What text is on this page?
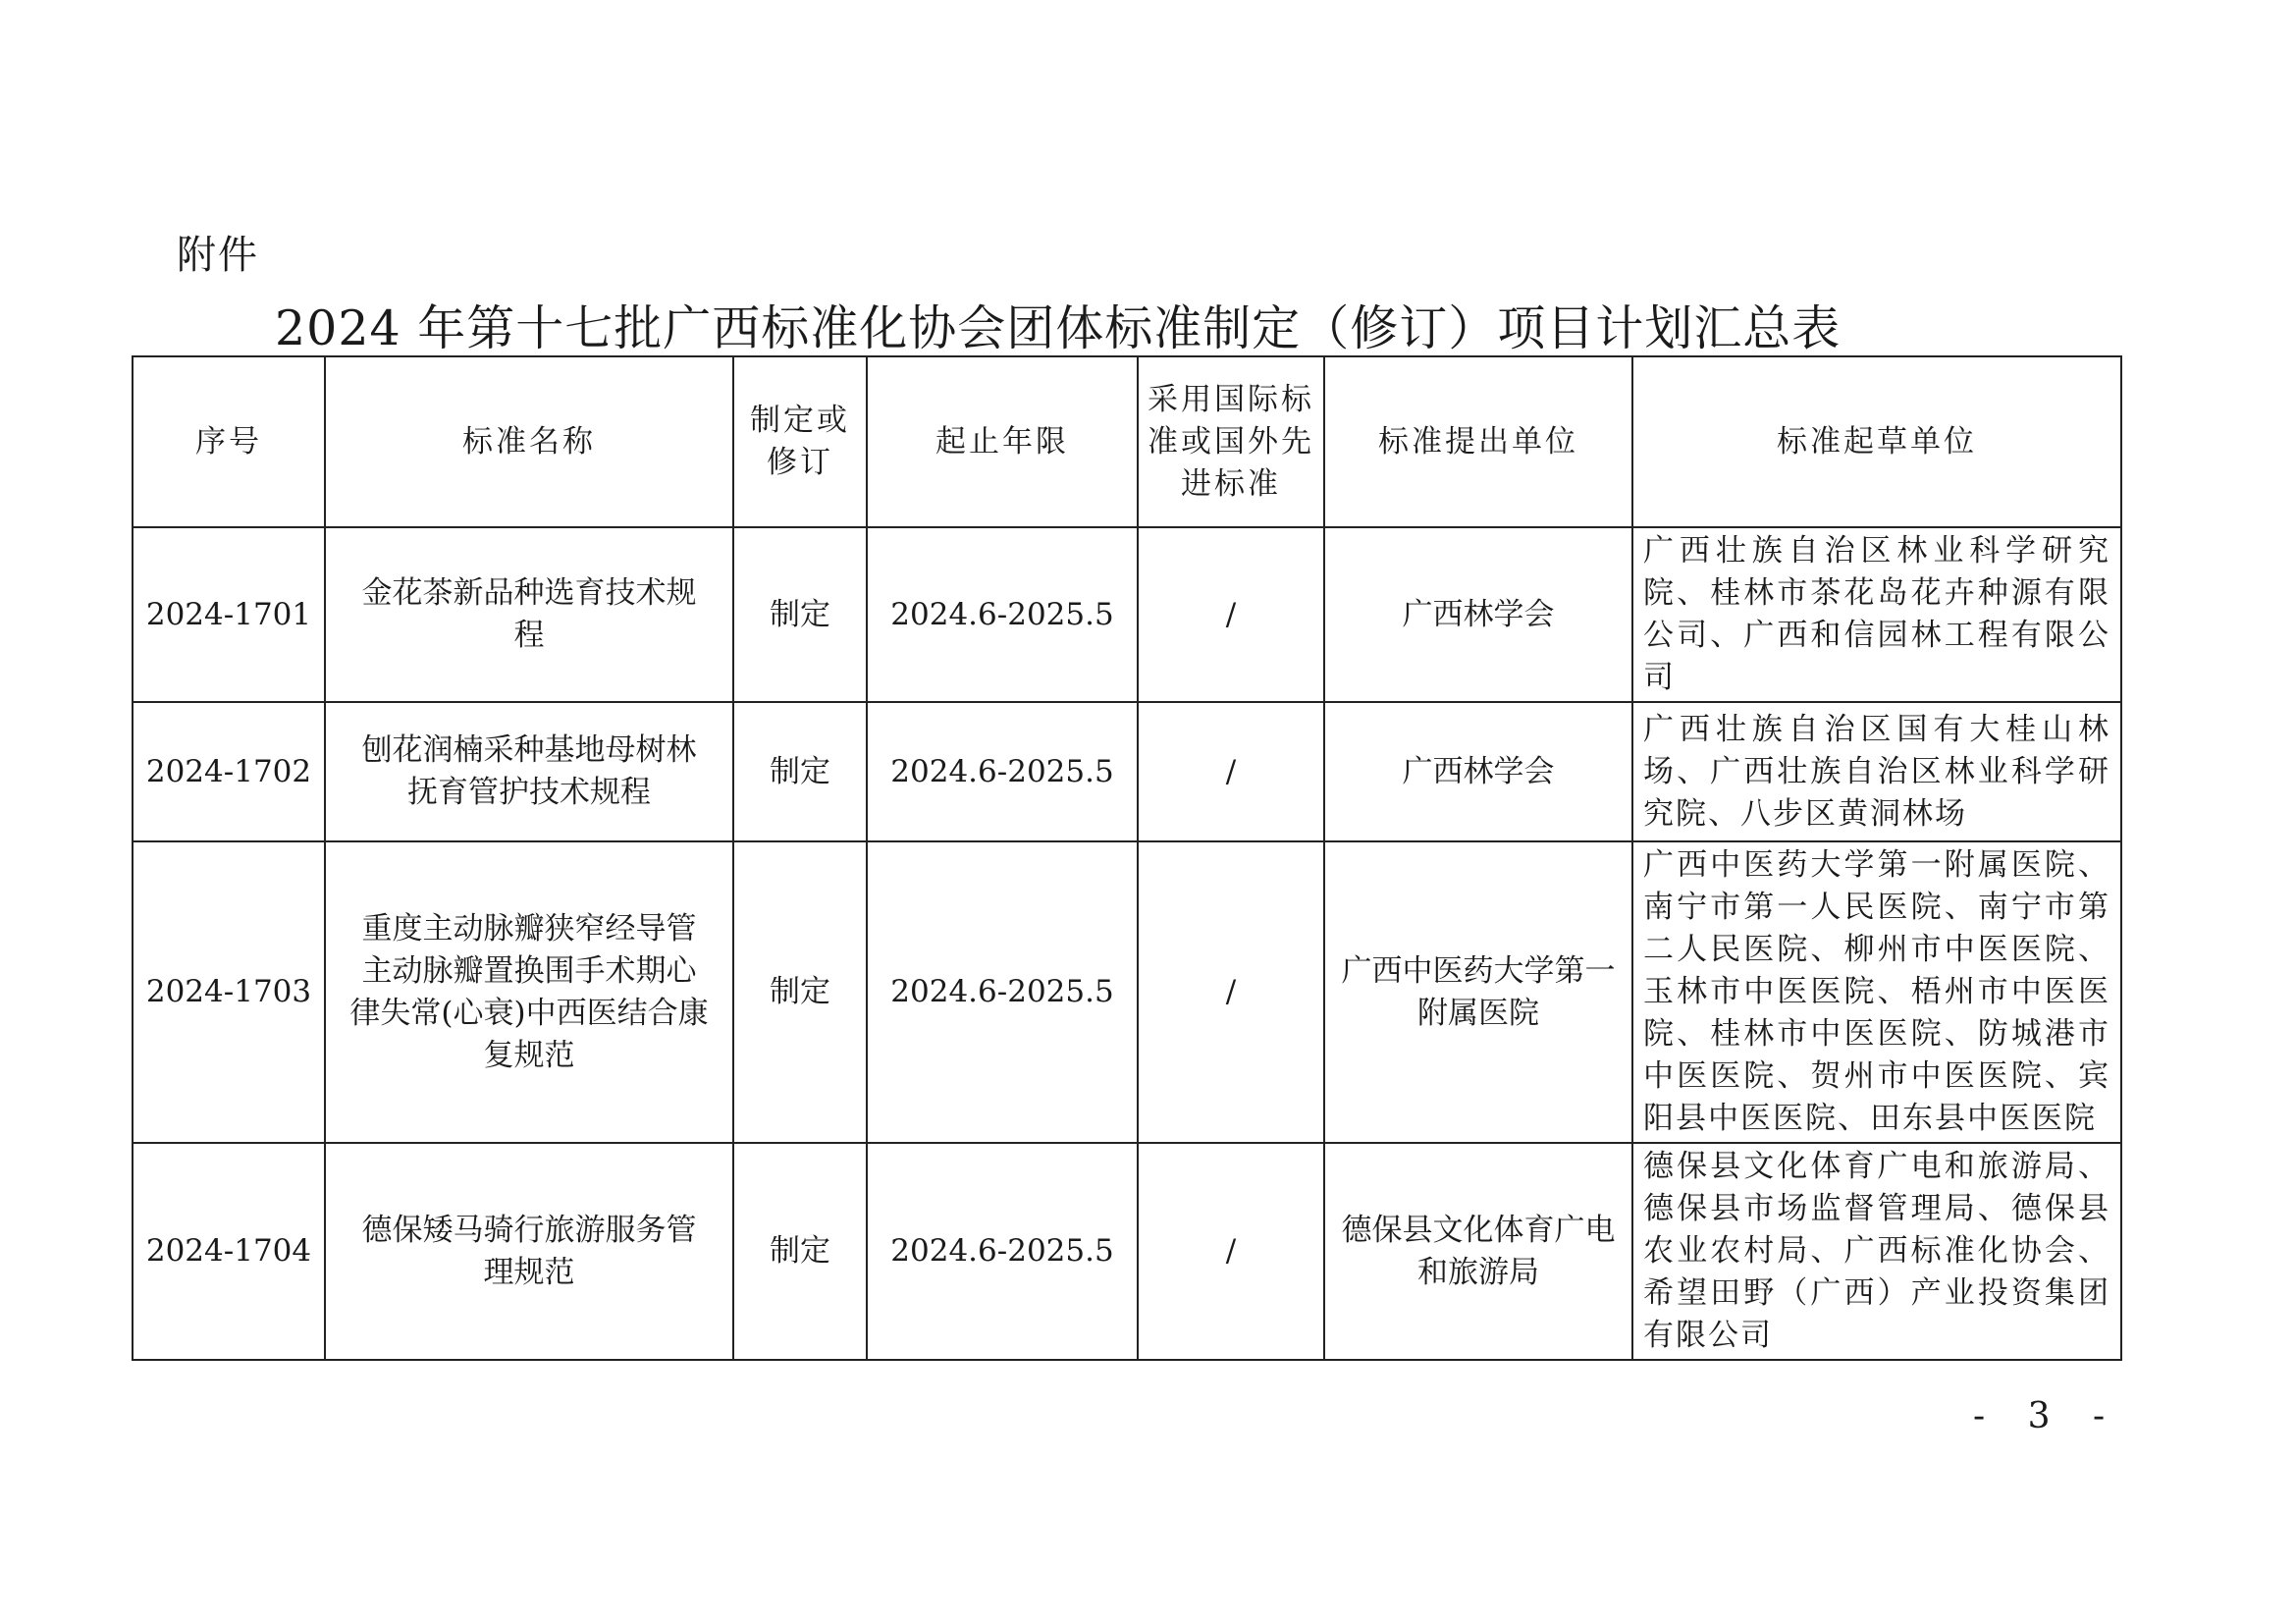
附件
2024 年第十七批广西标准化协会团体标准制定（修订）项目计划汇总表
序号	标准名称	制定或修订	起止年限	采用国际标准或国外先进标准	标准提出单位	标准起草单位
2024-1701	金花茶新品种选育技术规程	制定	2024.6-2025.5	/	广西林学会	广西壮族自治区林业科学研究院、桂林市茶花岛花卉种源有限公司、广西和信园林工程有限公司
2024-1702	刨花润楠采种基地母树林抚育管护技术规程	制定	2024.6-2025.5	/	广西林学会	广西壮族自治区国有大桂山林场、广西壮族自治区林业科学研究院、八步区黄洞林场
2024-1703	重度主动脉瓣狭窄经导管主动脉瓣置换围手术期心律失常(心衰)中西医结合康复规范	制定	2024.6-2025.5	/	广西中医药大学第一附属医院	广西中医药大学第一附属医院、南宁市第一人民医院、南宁市第二人民医院、柳州市中医医院、玉林市中医医院、梧州市中医医院、桂林市中医医院、防城港市中医医院、贺州市中医医院、宾阳县中医医院、田东县中医医院
2024-1704	德保矮马骑行旅游服务管理规范	制定	2024.6-2025.5	/	德保县文化体育广电和旅游局	德保县文化体育广电和旅游局、德保县市场监督管理局、德保县农业农村局、广西标准化协会、希望田野（广西）产业投资集团有限公司
- 3 -
